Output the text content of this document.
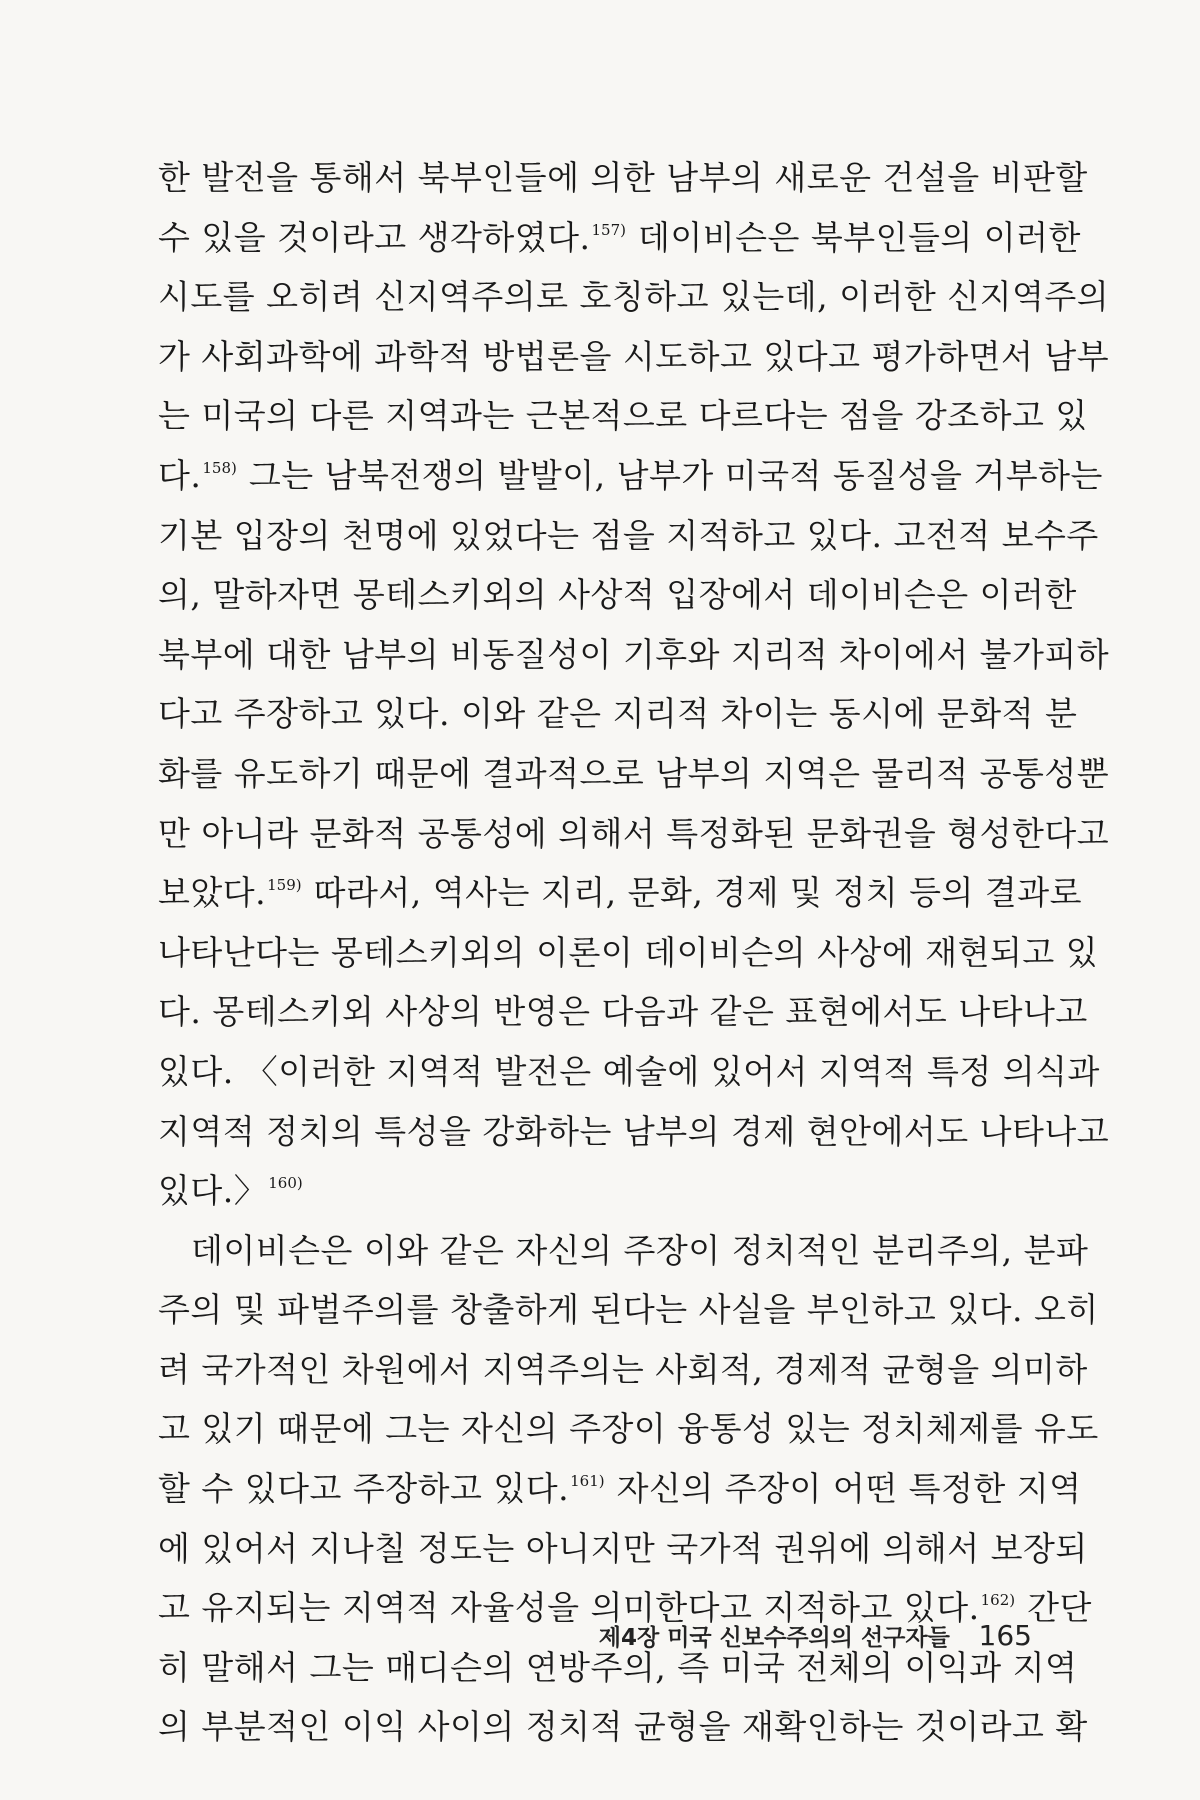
한 발전을 통해서 북부인들에 의한 남부의 새로운 건설을 비판할
수 있을 것이라고 생각하였다.$^{157)}$ 데이비슨은 북부인들의 이러한
시도를 오히려 신지역주의로 호칭하고 있는데, 이러한 신지역주의
가 사회과학에 과학적 방법론을 시도하고 있다고 평가하면서 남부
는 미국의 다른 지역과는 근본적으로 다르다는 점을 강조하고 있
다.$^{158)}$ 그는 남북전쟁의 발발이, 남부가 미국적 동질성을 거부하는
기본 입장의 천명에 있었다는 점을 지적하고 있다. 고전적 보수주
의, 말하자면 몽테스키외의 사상적 입장에서 데이비슨은 이러한
북부에 대한 남부의 비동질성이 기후와 지리적 차이에서 불가피하
다고 주장하고 있다. 이와 같은 지리적 차이는 동시에 문화적 분
화를 유도하기 때문에 결과적으로 남부의 지역은 물리적 공통성뿐
만 아니라 문화적 공통성에 의해서 특정화된 문화권을 형성한다고
보았다.$^{159)}$ 따라서, 역사는 지리, 문화, 경제 및 정치 등의 결과로
나타난다는 몽테스키외의 이론이 데이비슨의 사상에 재현되고 있
다. 몽테스키외 사상의 반영은 다음과 같은 표현에서도 나타나고
있다. 〈이러한 지역적 발전은 예술에 있어서 지역적 특정 의식과
지역적 정치의 특성을 강화하는 남부의 경제 현안에서도 나타나고
있다.〉$^{160)}$
데이비슨은 이와 같은 자신의 주장이 정치적인 분리주의, 분파
주의 및 파벌주의를 창출하게 된다는 사실을 부인하고 있다. 오히
려 국가적인 차원에서 지역주의는 사회적, 경제적 균형을 의미하
고 있기 때문에 그는 자신의 주장이 융통성 있는 정치체제를 유도
할 수 있다고 주장하고 있다.$^{161)}$ 자신의 주장이 어떤 특정한 지역
에 있어서 지나칠 정도는 아니지만 국가적 권위에 의해서 보장되
고 유지되는 지역적 자율성을 의미한다고 지적하고 있다.$^{162)}$ 간단
히 말해서 그는 매디슨의 연방주의, 즉 미국 전체의 이익과 지역
의 부분적인 이익 사이의 정치적 균형을 재확인하는 것이라고 확
제4장 미국 신보수주의의 선구자들 165
